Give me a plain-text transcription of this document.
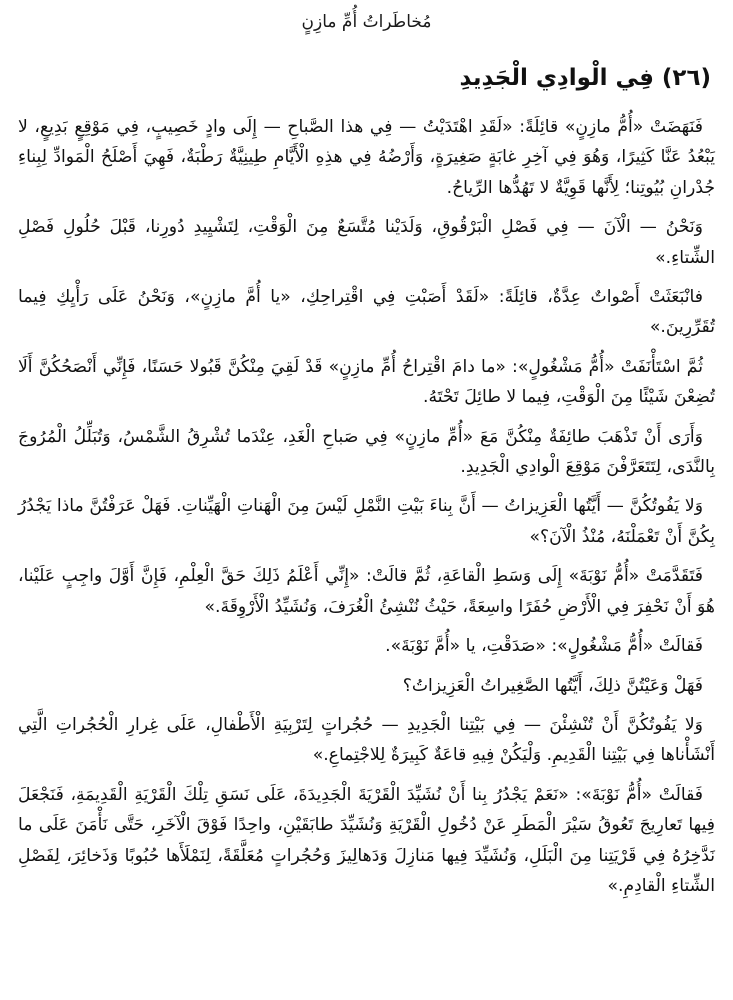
مُخاطَراتُ أُمِّ مازِنٍ
(٢٦) فِي الْوادِي الْجَدِيدِ

فَنَهَضَتْ «أُمُّ مازِنٍ» قائِلَةً: «لَقَدِ اهْتَدَيْتُ — فِي هذا الصَّباحِ — إِلَى وادٍ خَصِيبٍ، فِي مَوْقِعٍ بَدِيعٍ، لا يَبْعُدُ عَنَّا كَثِيرًا، وَهُوَ فِي آخِرِ غابَةٍ صَغِيرَةٍ، وَأَرْضُهُ فِي هذِهِ الْأَيَّامِ طِينِيَّةٌ رَطْبَةٌ، فَهِيَ أَصْلَحُ الْمَوادِّ لِبِناءِ جُدْرانِ بُيُوتِنا؛ لِأَنَّها قَوِيَّةٌ لا تَهُدُّها الرِّياحُ.

وَنَحْنُ — الْآنَ — فِي فَصْلِ الْبَرْقُوقِ، وَلَدَيْنا مُتَّسَعٌ مِنَ الْوَقْتِ، لِتَشْيِيدِ دُورِنا، قَبْلَ حُلُولِ فَصْلِ الشِّتاءِ.»

فانْبَعَثَتْ أَصْواتٌ عِدَّةٌ، قائِلَةً: «لَقَدْ أَصَبْتِ فِي اقْتِراحِكِ، «يا أُمَّ مازِنٍ»، وَنَحْنُ عَلَى رَأْيِكِ فِيما تُقَرِّرِينَ.»

ثُمَّ اسْتَأْنَفَتْ «أُمُّ مَشْغُولٍ»: «ما دامَ اقْتِراحُ أُمِّ مازِنٍ» قَدْ لَقِيَ مِنْكُنَّ قَبُولا حَسَنًا، فَإِنِّي أَنْصَحُكُنَّ أَلَا تُضِعْنَ شَيْئًا مِنَ الْوَقْتِ، فِيما لا طائِلَ تَحْتَهُ.

وَأَرَى أَنْ تَذْهَبَ طائِفَةٌ مِنْكُنَّ مَعَ «أُمِّ مازِنٍ» فِي صَباحِ الْغَدِ، عِنْدَما تُشْرِقُ الشَّمْسُ، وَتُبَلِّلُ الْمُرُوجَ بِالنَّدَى، لِتَتَعَرَّفْنَ مَوْقِعَ الْوادِي الْجَدِيدِ.

وَلا يَفُوتُكُنَّ — أَيَّتُها الْعَزِيزاتُ — أَنَّ بِناءَ بَيْتِ النَّمْلِ لَيْسَ مِنَ الْهَناتِ الْهَيِّناتِ. فَهَلْ عَرَفْتُنَّ ماذا يَجْدُرُ بِكُنَّ أَنْ تَعْمَلْنَهُ، مُنْذُ الْآنَ؟»

فَتَقَدَّمَتْ «أُمُّ نَوْبَةَ» إِلَى وَسَطِ الْقاعَةِ، ثُمَّ قالَتْ: «إِنِّي أَعْلَمُ ذَلِكَ حَقَّ الْعِلْمِ، فَإِنَّ أَوَّلَ واجِبٍ عَلَيْنا، هُوَ أَنْ نَحْفِرَ فِي الْأَرْضِ حُفَرًا واسِعَةً، حَيْثُ نُنْشِئُ الْغُرَفَ، وَنُشَيِّدُ الْأَرْوِقَةَ.»

فَقالَتْ «أُمُّ مَشْغُولٍ»: «صَدَقْتِ، يا «أُمَّ نَوْبَةَ».

فَهَلْ وَعَيْتُنَّ ذلِكَ، أَيَّتُها الصَّغِيراتُ الْعَزِيزاتُ؟

وَلا يَفُوتُكُنَّ أَنْ تُنْشِئْنَ — فِي بَيْتِنا الْجَدِيدِ — حُجُراتٍ لِتَرْبِيَةِ الْأَطْفالِ، عَلَى غِرارِ الْحُجُراتِ الَّتِي أَنْشَأْناها فِي بَيْتِنا الْقَدِيمِ. وَلْيَكُنْ فِيهِ قاعَةٌ كَبِيرَةٌ لِلاجْتِماعِ.»

فَقالَتْ «أُمُّ نَوْبَةَ»: «نَعَمْ يَجْدُرُ بِنا أَنْ نُشَيِّدَ الْقَرْيَةَ الْجَدِيدَةَ، عَلَى نَسَقِ تِلْكَ الْقَرْيَةِ الْقَدِيمَةِ، فَنَجْعَلَ فِيها تَعارِيجَ تَعُوقُ سَيْرَ الْمَطَرِ عَنْ دُخُولِ الْقَرْيَةِ وَنُشَيِّدَ طابَقَيْنِ، واحِدًا فَوْقَ الْآخَرِ، حَتَّى نَأْمَنَ عَلَى ما نَدَّخِرُهُ فِي قَرْيَتِنا مِنَ الْبَلَلِ، وَنُشَيِّدَ فِيها مَنازِلَ وَدَهالِيزَ وَحُجُراتٍ مُعَلَّقَةً، لِنَمْلَأَها حُبُوبًا وَذَخائِرَ، لِفَصْلِ الشِّتاءِ الْقادِمِ.»
